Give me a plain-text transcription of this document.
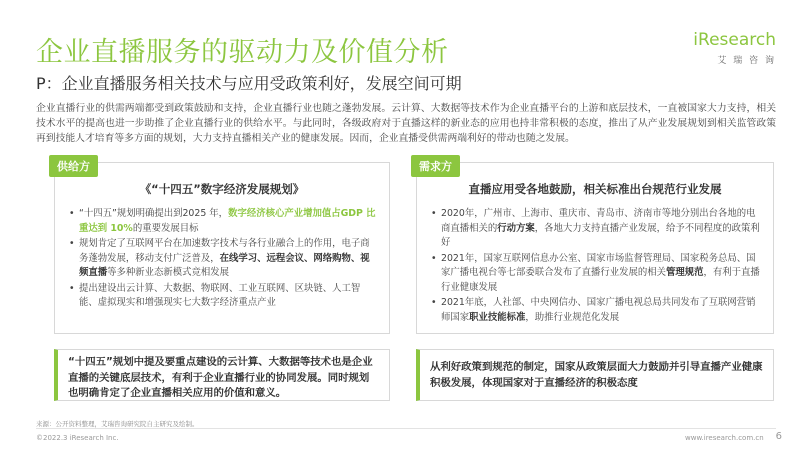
企业直播服务的驱动力及价值分析
P：企业直播服务相关技术与应用受政策利好，发展空间可期
iResearch
艾 瑞 咨 询
企业直播行业的供需两端都受到政策鼓励和支持，企业直播行业也随之蓬勃发展。云计算、大数据等技术作为企业直播平台的上游和底层技术，一直被国家大力支持，相关技术水平的提高也进一步助推了企业直播行业的供给水平。与此同时，各级政府对于直播这样的新业态的应用也持非常积极的态度，推出了从产业发展规划到相关监管政策再到技能人才培育等多方面的规划，大力支持直播相关产业的健康发展。因而，企业直播受供需两端利好的带动也随之发展。
供给方
《“十四五”数字经济发展规划》
• “十四五”规划明确提出到2025 年，数字经济核心产业增加值占GDP 比重达到 10%的重要发展目标
• 规划肯定了互联网平台在加速数字技术与各行业融合上的作用，电子商务蓬勃发展，移动支付广泛普及，在线学习、远程会议、网络购物、视频直播等多种新业态新模式竞相发展
• 提出建设出云计算、大数据、物联网、工业互联网、区块链、人工智能、虚拟现实和增强现实七大数字经济重点产业
需求方
直播应用受各地鼓励，相关标准出台规范行业发展
• 2020年，广州市、上海市、重庆市、青岛市、济南市等地分别出台各地的电商直播相关的行动方案，各地大力支持直播产业发展，给予不同程度的政策利好
• 2021年，国家互联网信息办公室、国家市场监督管理局、国家税务总局、国家广播电视台等七部委联合发布了直播行业发展的相关管理规范，有利于直播行业健康发展
• 2021年底，人社部、中央网信办、国家广播电视总局共同发布了互联网营销师国家职业技能标准，助推行业规范化发展
“十四五”规划中提及要重点建设的云计算、大数据等技术也是企业直播的关键底层技术，有利于企业直播行业的协同发展。同时规划也明确肯定了企业直播相关应用的价值和意义。
从利好政策到规范的制定，国家从政策层面大力鼓励并引导直播产业健康积极发展，体现国家对于直播经济的积极态度
来源：公开资料整理，艾瑞咨询研究院自主研究及绘制。
©2022.3 iResearch Inc.	www.iresearch.com.cn 6
